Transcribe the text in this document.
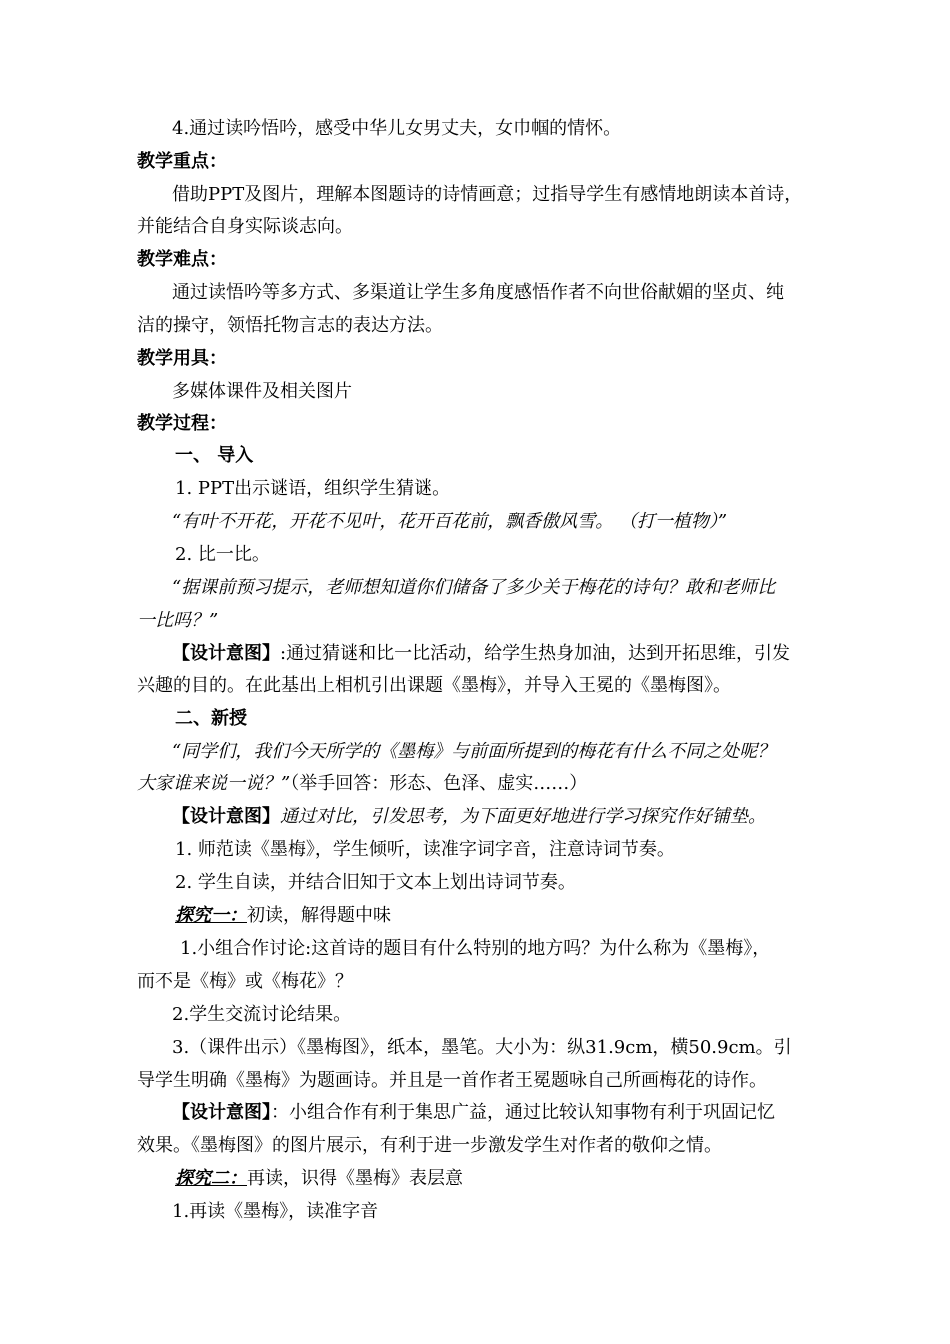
4.通过读吟悟吟，感受中华儿女男丈夫，女巾帼的情怀。
教学重点：
借助PPT及图片，理解本图题诗的诗情画意；过指导学生有感情地朗读本首诗，
并能结合自身实际谈志向。
教学难点：
通过读悟吟等多方式、多渠道让学生多角度感悟作者不向世俗献媚的坚贞、纯
洁的操守，领悟托物言志的表达方法。
教学用具：
多媒体课件及相关图片
教学过程：
一、 导入
1. PPT出示谜语，组织学生猜谜。
“有叶不开花，开花不见叶，花开百花前，飘香傲风雪。 （打一植物）”
2. 比一比。
“据课前预习提示，老师想知道你们储备了多少关于梅花的诗句？敢和老师比
一比吗？”
【设计意图】:通过猜谜和比一比活动，给学生热身加油，达到开拓思维，引发
兴趣的目的。在此基出上相机引出课题《墨梅》，并导入王冕的《墨梅图》。
二、新授
“同学们，我们今天所学的《墨梅》与前面所提到的梅花有什么不同之处呢？
大家谁来说一说？”（举手回答：形态、色泽、虚实……）
【设计意图】通过对比，引发思考，为下面更好地进行学习探究作好铺垫。
1. 师范读《墨梅》，学生倾听，读准字词字音，注意诗词节奏。
2. 学生自读，并结合旧知于文本上划出诗词节奏。
探究一：初读，解得题中味
1.小组合作讨论:这首诗的题目有什么特别的地方吗？为什么称为《墨梅》，
而不是《梅》或《梅花》？
2.学生交流讨论结果。
3.（课件出示）《墨梅图》，纸本，墨笔。大小为：纵31.9cm，横50.9cm。引
导学生明确《墨梅》为题画诗。并且是一首作者王冕题咏自己所画梅花的诗作。
【设计意图】：小组合作有利于集思广益，通过比较认知事物有利于巩固记忆
效果。《墨梅图》的图片展示，有利于进一步激发学生对作者的敬仰之情。
探究二：再读，识得《墨梅》表层意
1.再读《墨梅》，读准字音
